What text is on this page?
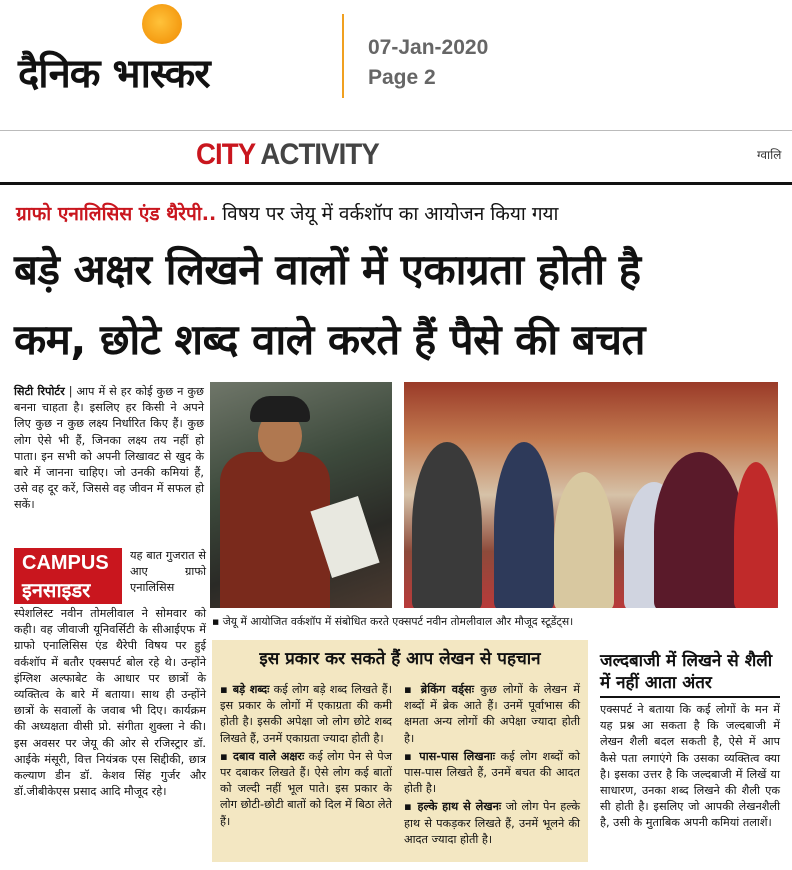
दैनिक भास्कर
07-Jan-2020
Page 2
CITY ACTIVITY	ग्वालि
ग्राफो एनालिसिस एंड थैरेपी.. विषय पर जेयू में वर्कशॉप का आयोजन किया गया
बड़े अक्षर लिखने वालों में एकाग्रता होती है
कम, छोटे शब्द वाले करते हैं पैसे की बचत
सिटी रिपोर्टर | आप में से हर कोई कुछ न कुछ बनना चाहता है। इसलिए हर किसी ने अपने लिए कुछ न कुछ लक्ष्य निर्धारित किए हैं। कुछ लोग ऐसे भी हैं, जिनका लक्ष्य तय नहीं हो पाता। इन सभी को अपनी लिखावट से खुद के बारे में जानना चाहिए। जो उनकी कमियां हैं, उसे वह दूर करें, जिससे वह जीवन में सफल हो सकें।
CAMPUS
इनसाइडर
यह बात गुजरात से आए ग्राफो एनालिसिस
स्पेशलिस्ट नवीन तोमलीवाल ने सोमवार को कही। वह जीवाजी यूनिवर्सिटी के सीआईएफ में ग्राफो एनालिसिस एंड थैरेपी विषय पर हुई वर्कशॉप में बतौर एक्सपर्ट बोल रहे थे। उन्होंने इंग्लिश अल्फाबेट के आधार पर छात्रों के व्यक्तित्व के बारे में बताया। साथ ही उन्होंने छात्रों के सवालों के जवाब भी दिए। कार्यक्रम की अध्यक्षता वीसी प्रो. संगीता शुक्ला ने की। इस अवसर पर जेयू की ओर से रजिस्ट्रार डॉ. आईके मंसूरी, वित्त नियंत्रक एस सिद्दीकी, छात्र कल्याण डीन डॉ. केशव सिंह गुर्जर और डॉ.जीबीकेएस प्रसाद आदि मौजूद रहे।
▪ जेयू में आयोजित वर्कशॉप में संबोधित करते एक्सपर्ट नवीन तोमलीवाल और मौजूद स्टूडेंट्स।
इस प्रकार कर सकते हैं आप लेखन से पहचान
▪ बड़े शब्दः कई लोग बड़े शब्द लिखते हैं। इस प्रकार के लोगों में एकाग्रता की कमी होती है। इसकी अपेक्षा जो लोग छोटे शब्द लिखते हैं, उनमें एकाग्रता ज्यादा होती है।
▪ दबाव वाले अक्षरः कई लोग पेन से पेज पर दबाकर लिखते हैं। ऐसे लोग कई बातों को जल्दी नहीं भूल पाते। इस प्रकार के लोग छोटी-छोटी बातों को दिल में बिठा लेते हैं।
▪ ब्रेकिंग वर्ड्सः कुछ लोगों के लेखन में शब्दों में ब्रेक आते हैं। उनमें पूर्वाभास की क्षमता अन्य लोगों की अपेक्षा ज्यादा होती है।
▪ पास-पास लिखनाः कई लोग शब्दों को पास-पास लिखते हैं, उनमें बचत की आदत होती है।
▪ हल्के हाथ से लेखनः जो लोग पेन हल्के हाथ से पकड़कर लिखते हैं, उनमें भूलने की आदत ज्यादा होती है।
जल्दबाजी में लिखने से शैली में नहीं आता अंतर
एक्सपर्ट ने बताया कि कई लोगों के मन में यह प्रश्न आ सकता है कि जल्दबाजी में लेखन शैली बदल सकती है, ऐसे में आप कैसे पता लगाएंगे कि उसका व्यक्तित्व क्या है। इसका उत्तर है कि जल्दबाजी में लिखें या साधारण, उनका शब्द लिखने की शैली एक सी होती है। इसलिए जो आपकी लेखनशैली है, उसी के मुताबिक अपनी कमियां तलाशें।
